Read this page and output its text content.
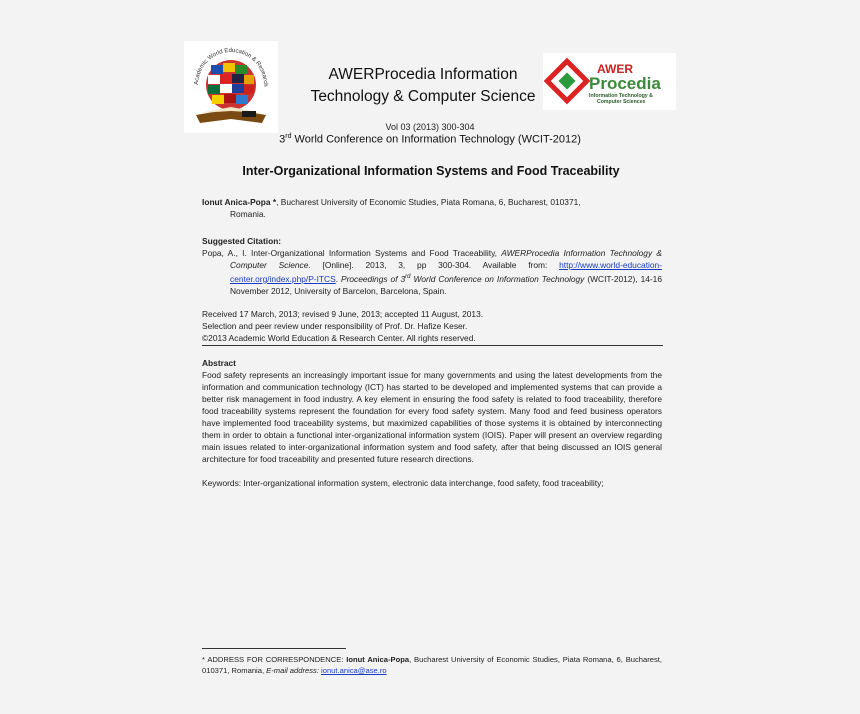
Academic World Education & Research
AWERProcedia Information
Technology & Computer Science
AWER
Procedia
Information Technology &
Computer Sciences
Vol 03 (2013) 300-304
3rd World Conference on Information Technology (WCIT-2012)
Inter-Organizational Information Systems and Food Traceability
Ionut Anica-Popa *, Bucharest University of Economic Studies, Piata Romana, 6, Bucharest, 010371,
Romania.
Suggested Citation:
Popa, A., I. Inter-Organizational Information Systems and Food Traceability, AWERProcedia Information Technology & Computer Science. [Online]. 2013, 3, pp 300-304. Available from: http://www.world-education-center.org/index.php/P-ITCS. Proceedings of 3rd World Conference on Information Technology (WCIT-2012), 14-16 November 2012, University of Barcelon, Barcelona, Spain.
Received 17 March, 2013; revised 9 June, 2013; accepted 11 August, 2013.
Selection and peer review under responsibility of Prof. Dr. Hafize Keser.
©2013 Academic World Education & Research Center. All rights reserved.
Abstract
Food safety represents an increasingly important issue for many governments and using the latest developments from the information and communication technology (ICT) has started to be developed and implemented systems that can provide a better risk management in food industry. A key element in ensuring the food safety is related to food traceability, therefore food traceability systems represent the foundation for every food safety system. Many food and feed business operators have implemented food traceability systems, but maximized capabilities of those systems it is obtained by interconnecting them in order to obtain a functional inter-organizational information system (IOIS). Paper will present an overview regarding main issues related to inter-organizational information system and food safety, after that being discussed an IOIS general architecture for food traceability and presented future research directions.
Keywords: Inter-organizational information system, electronic data interchange, food safety, food traceability;
* ADDRESS FOR CORRESPONDENCE: Ionut Anica-Popa, Bucharest University of Economic Studies, Piata Romana, 6, Bucharest, 010371, Romania, E-mail address: ionut.anica@ase.ro
